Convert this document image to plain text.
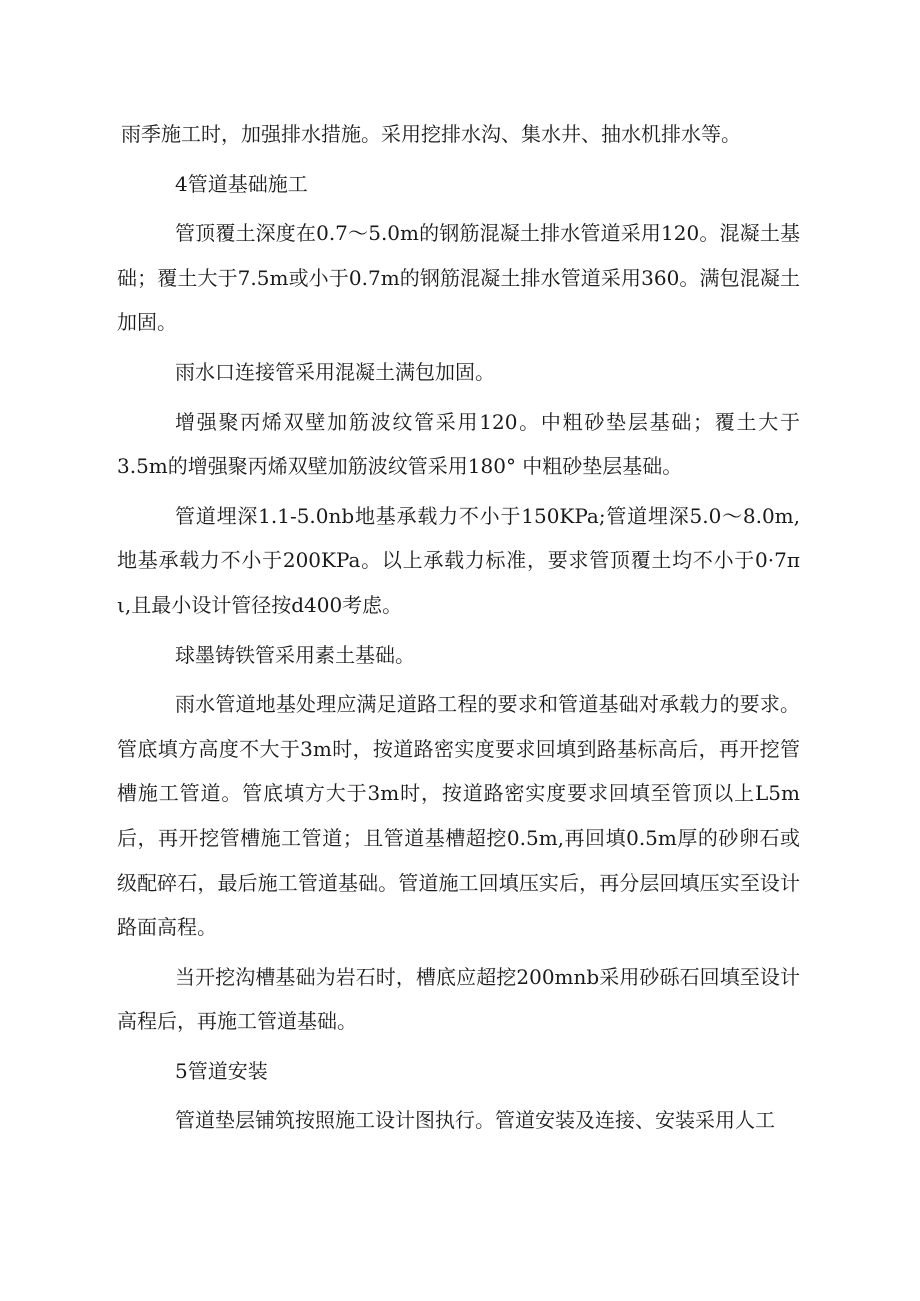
雨季施工时，加强排水措施。采用挖排水沟、集水井、抽水机排水等。

4管道基础施工

管顶覆土深度在0.7～5.0m的钢筋混凝土排水管道采用120。混凝土基础；覆土大于7.5m或小于0.7m的钢筋混凝土排水管道采用360。满包混凝土加固。

雨水口连接管采用混凝土满包加固。

增强聚丙烯双壁加筋波纹管采用120。中粗砂垫层基础；覆土大于3.5m的增强聚丙烯双壁加筋波纹管采用180° 中粗砂垫层基础。

管道埋深1.1-5.0nb地基承载力不小于150KPa;管道埋深5.0～8.0m,地基承载力不小于200KPa。以上承载力标准，要求管顶覆土均不小于0·7π ι,且最小设计管径按d400考虑。

球墨铸铁管采用素土基础。

雨水管道地基处理应满足道路工程的要求和管道基础对承载力的要求。管底填方高度不大于3m时，按道路密实度要求回填到路基标高后，再开挖管槽施工管道。管底填方大于3m时，按道路密实度要求回填至管顶以上L5m后，再开挖管槽施工管道；且管道基槽超挖0.5m,再回填0.5m厚的砂卵石或级配碎石，最后施工管道基础。管道施工回填压实后，再分层回填压实至设计路面高程。

当开挖沟槽基础为岩石时，槽底应超挖200mnb采用砂砾石回填至设计高程后，再施工管道基础。

5管道安装

管道垫层铺筑按照施工设计图执行。管道安装及连接、安装采用人工
